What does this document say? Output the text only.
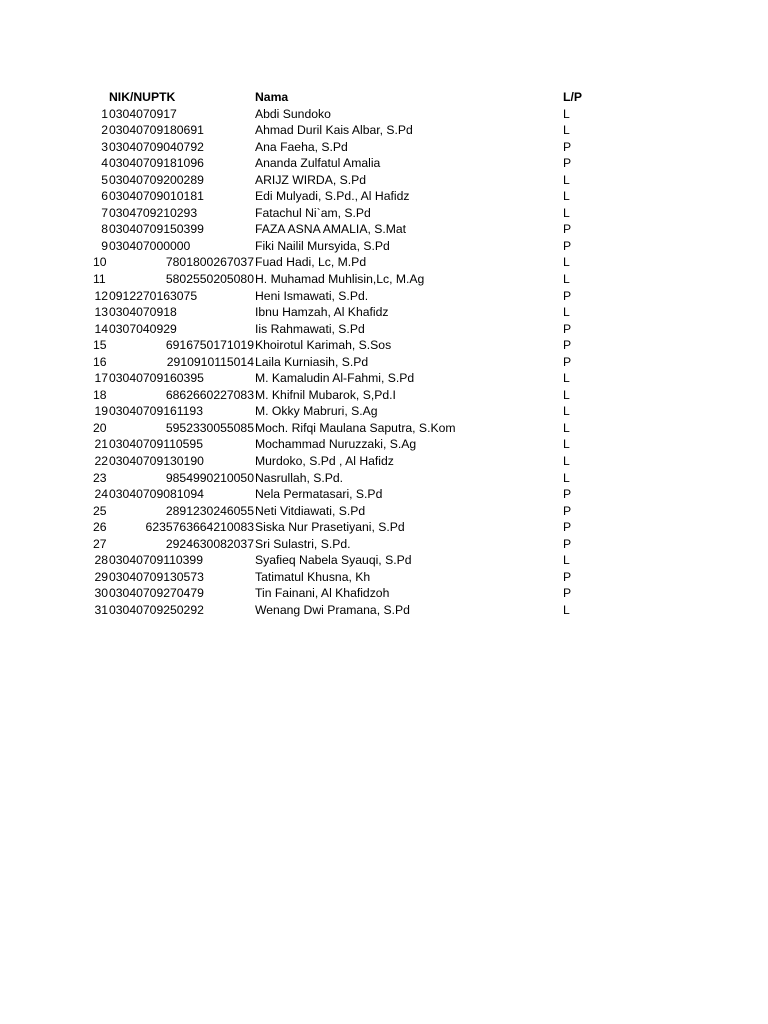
NIK/NUPTK	Nama	L/P
1 0304070917	Abdi Sundoko	L
2 03040709180691	Ahmad Duril Kais Albar, S.Pd	L
3 03040709040792	Ana Faeha, S.Pd	P
4 03040709181096	Ananda Zulfatul Amalia	P
5 03040709200289	ARIJZ WIRDA, S.Pd	L
6 03040709010181	Edi Mulyadi, S.Pd., Al Hafidz	L
7 0304709210293	Fatachul Ni`am, S.Pd	L
8 03040709150399	FAZA ASNA AMALIA, S.Mat	P
9 030407000000	Fiki Nailil Mursyida, S.Pd	P
10	7801800267037 Fuad Hadi, Lc, M.Pd	L
11	5802550205080 H. Muhamad Muhlisin,Lc, M.Ag	L
12 0912270163075	Heni Ismawati, S.Pd.	P
13 0304070918	Ibnu Hamzah, Al Khafidz	L
14 0307040929	Iis Rahmawati, S.Pd	P
15	6916750171019 Khoirotul Karimah, S.Sos	P
16	2910910115014 Laila Kurniasih, S.Pd	P
17 03040709160395	M. Kamaludin Al-Fahmi, S.Pd	L
18	6862660227083 M. Khifnil Mubarok, S,Pd.I	L
19 03040709161193	M. Okky Mabruri, S.Ag	L
20	5952330055085 Moch. Rifqi Maulana Saputra, S.Kom	L
21 03040709110595	Mochammad Nuruzzaki, S.Ag	L
22 03040709130190	Murdoko, S.Pd , Al Hafidz	L
23	9854990210050 Nasrullah, S.Pd.	L
24 03040709081094	Nela Permatasari, S.Pd	P
25	2891230246055 Neti Vitdiawati, S.Pd	P
26	6235763664210083 Siska Nur Prasetiyani, S.Pd	P
27	2924630082037 Sri Sulastri, S.Pd.	P
28 03040709110399	Syafieq Nabela Syauqi, S.Pd	L
29 03040709130573	Tatimatul Khusna, Kh	P
30 03040709270479	Tin Fainani, Al Khafidzoh	P
31 03040709250292	Wenang Dwi Pramana, S.Pd	L
